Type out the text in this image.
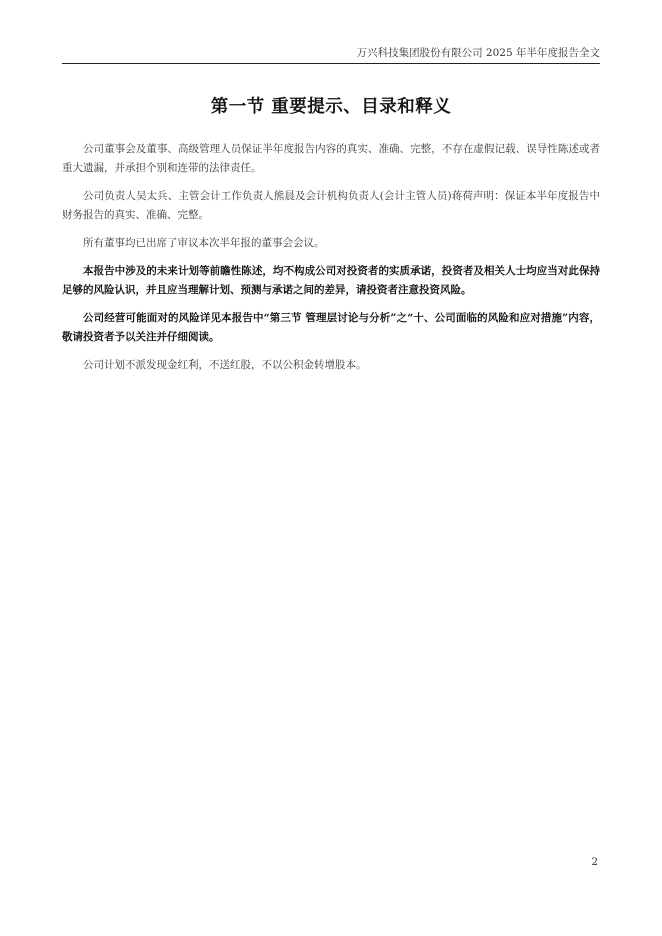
万兴科技集团股份有限公司 2025 年半年度报告全文
第一节 重要提示、目录和释义

公司董事会及董事、高级管理人员保证半年度报告内容的真实、准确、完整，不存在虚假记载、误导性陈述或者重大遗漏，并承担个别和连带的法律责任。

公司负责人吴太兵、主管会计工作负责人熊晨及会计机构负责人(会计主管人员)蒋荷声明：保证本半年度报告中财务报告的真实、准确、完整。

所有董事均已出席了审议本次半年报的董事会会议。

本报告中涉及的未来计划等前瞻性陈述，均不构成公司对投资者的实质承诺，投资者及相关人士均应当对此保持足够的风险认识，并且应当理解计划、预测与承诺之间的差异，请投资者注意投资风险。

公司经营可能面对的风险详见本报告中“第三节 管理层讨论与分析”之“十、公司面临的风险和应对措施”内容，敬请投资者予以关注并仔细阅读。

公司计划不派发现金红利，不送红股，不以公积金转增股本。

2
